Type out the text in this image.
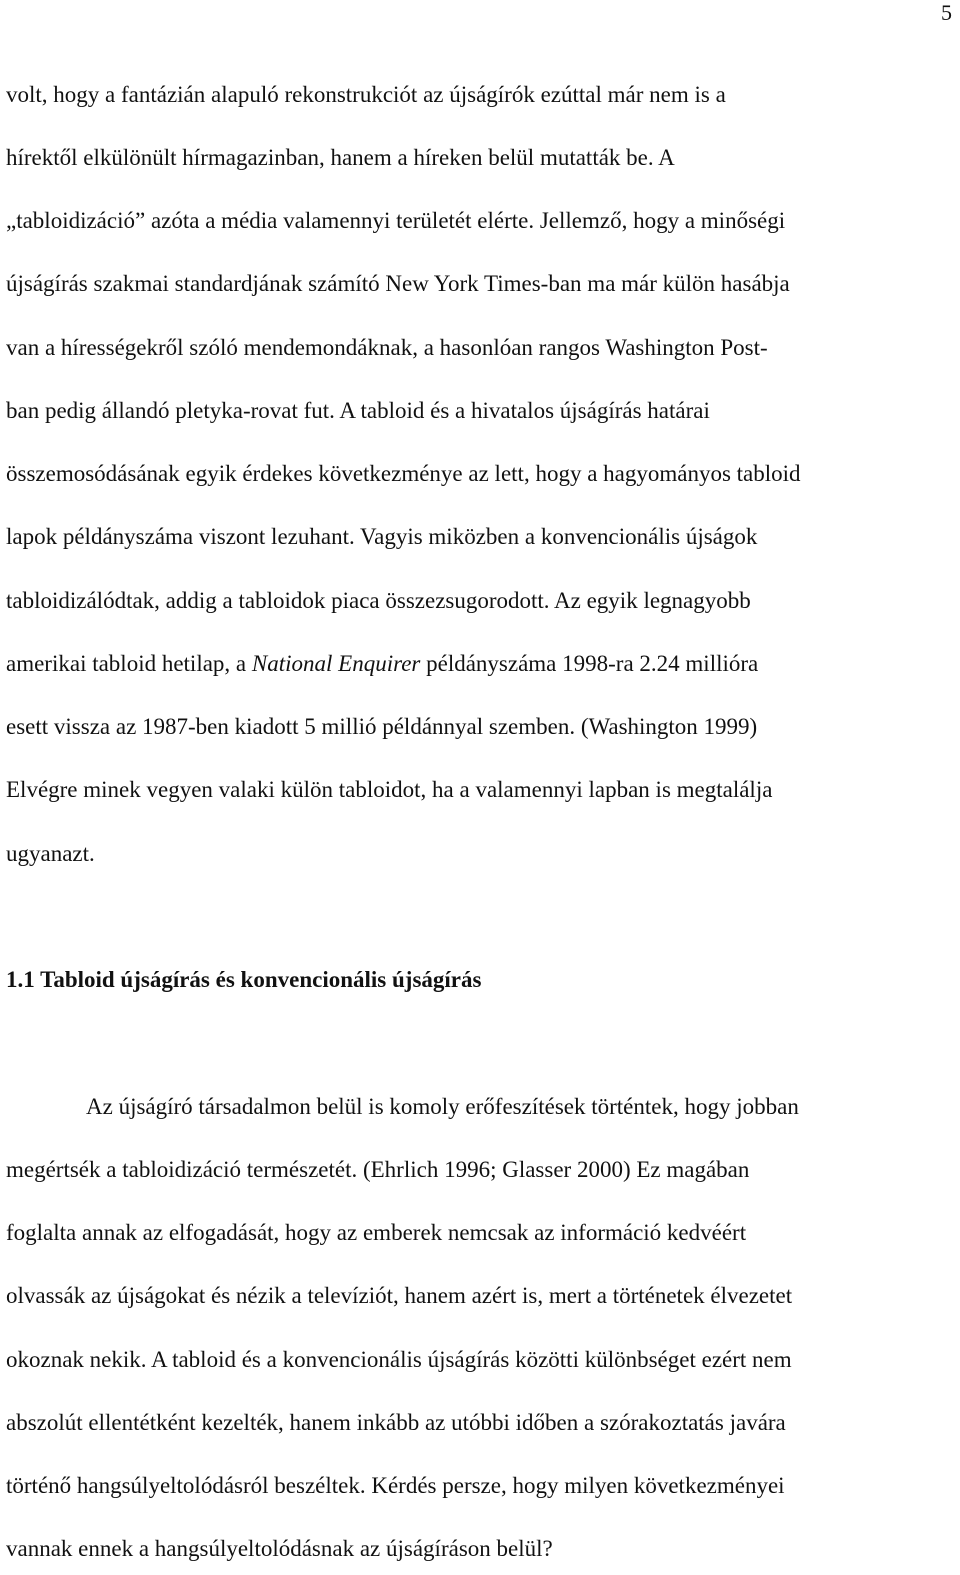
5
volt, hogy a fantázián alapuló rekonstrukciót az újságírók ezúttal már nem is a
hírektől elkülönült hírmagazinban, hanem a híreken belül mutatták be. A
„tabloidizáció” azóta a média valamennyi területét elérte. Jellemző, hogy a minőségi
újságírás szakmai standardjának számító New York Times-ban ma már külön hasábja
van a hírességekről szóló mendemondáknak, a hasonlóan rangos Washington Post-
ban pedig állandó pletyka-rovat fut. A tabloid és a hivatalos újságírás határai
összemosódásának egyik érdekes következménye az lett, hogy a hagyományos tabloid
lapok példányszáma viszont lezuhant. Vagyis miközben a konvencionális újságok
tabloidizálódtak, addig a tabloidok piaca összezsugorodott. Az egyik legnagyobb
amerikai tabloid hetilap, a National Enquirer példányszáma 1998-ra 2.24 millióra
esett vissza az 1987-ben kiadott 5 millió példánnyal szemben. (Washington 1999)
Elvégre minek vegyen valaki külön tabloidot, ha a valamennyi lapban is megtalálja
ugyanazt.
1.1 Tabloid újságírás és konvencionális újságírás
Az újságíró társadalmon belül is komoly erőfeszítések történtek, hogy jobban
megértsék a tabloidizáció természetét. (Ehrlich 1996; Glasser 2000) Ez magában
foglalta annak az elfogadását, hogy az emberek nemcsak az információ kedvéért
olvassák az újságokat és nézik a televíziót, hanem azért is, mert a történetek élvezetet
okoznak nekik. A tabloid és a konvencionális újságírás közötti különbséget ezért nem
abszolút ellentétként kezelték, hanem inkább az utóbbi időben a szórakoztatás javára
történő hangsúlyeltolódásról beszéltek. Kérdés persze, hogy milyen következményei
vannak ennek a hangsúlyeltolódásnak az újságíráson belül?
